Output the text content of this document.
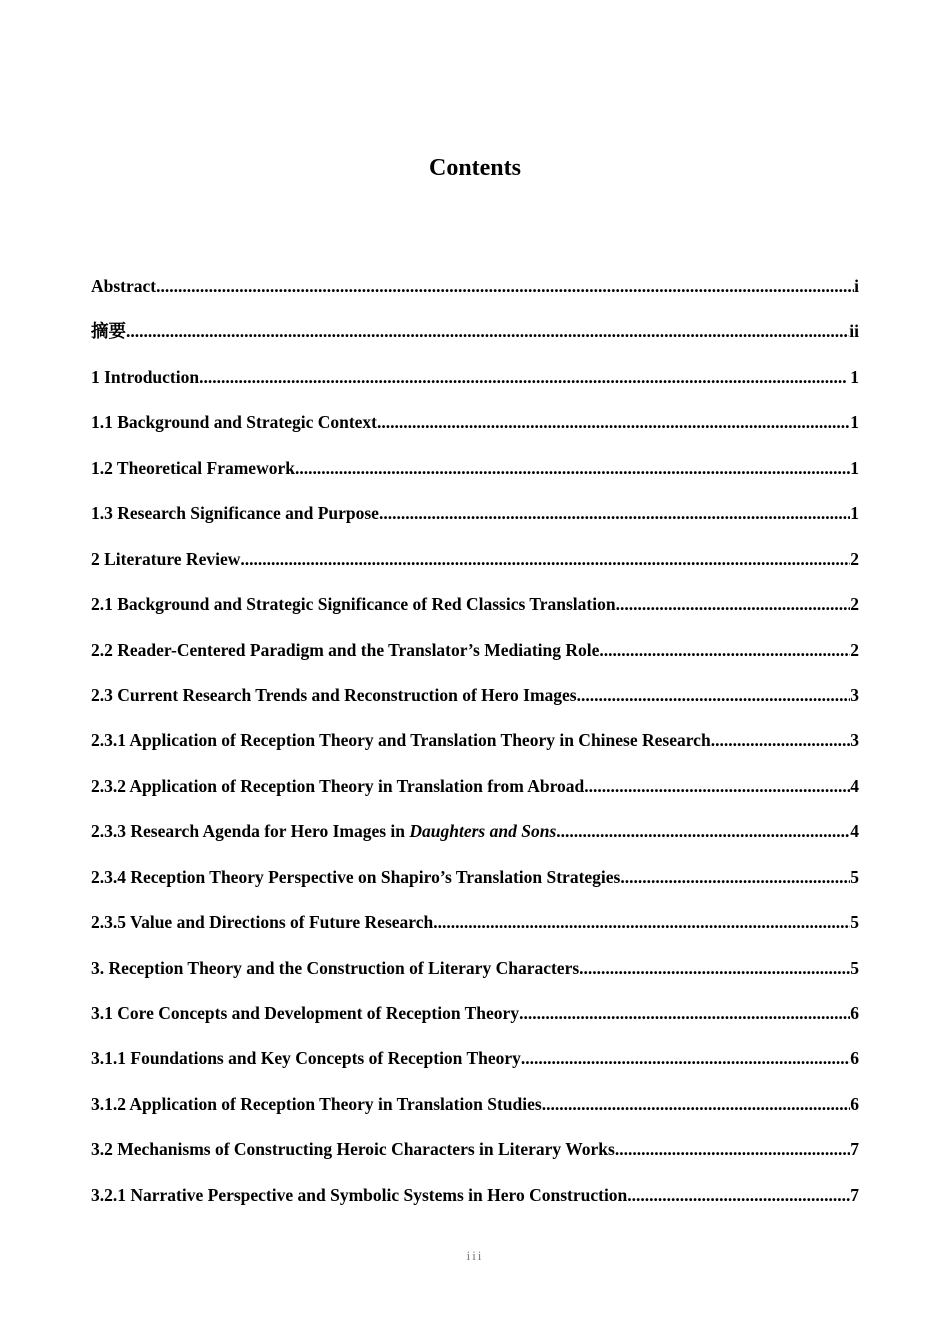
Contents
Abstract .....	i
摘要 .....	ii
1 Introduction .....	1
1.1 Background and Strategic Context .....	1
1.2 Theoretical Framework .....	1
1.3 Research Significance and Purpose .....	1
2 Literature Review .....	2
2.1 Background and Strategic Significance of Red Classics Translation .....	2
2.2 Reader-Centered Paradigm and the Translator’s Mediating Role .....	2
2.3 Current Research Trends and Reconstruction of Hero Images .....	3
2.3.1 Application of Reception Theory and Translation Theory in Chinese Research .....	3
2.3.2 Application of Reception Theory in Translation from Abroad .....	4
2.3.3 Research Agenda for Hero Images in Daughters and Sons .....	4
2.3.4 Reception Theory Perspective on Shapiro’s Translation Strategies .....	5
2.3.5 Value and Directions of Future Research .....	5
3. Reception Theory and the Construction of Literary Characters .....	5
3.1 Core Concepts and Development of Reception Theory .....	6
3.1.1 Foundations and Key Concepts of Reception Theory .....	6
3.1.2 Application of Reception Theory in Translation Studies .....	6
3.2 Mechanisms of Constructing Heroic Characters in Literary Works .....	7
3.2.1 Narrative Perspective and Symbolic Systems in Hero Construction .....	7
iii
